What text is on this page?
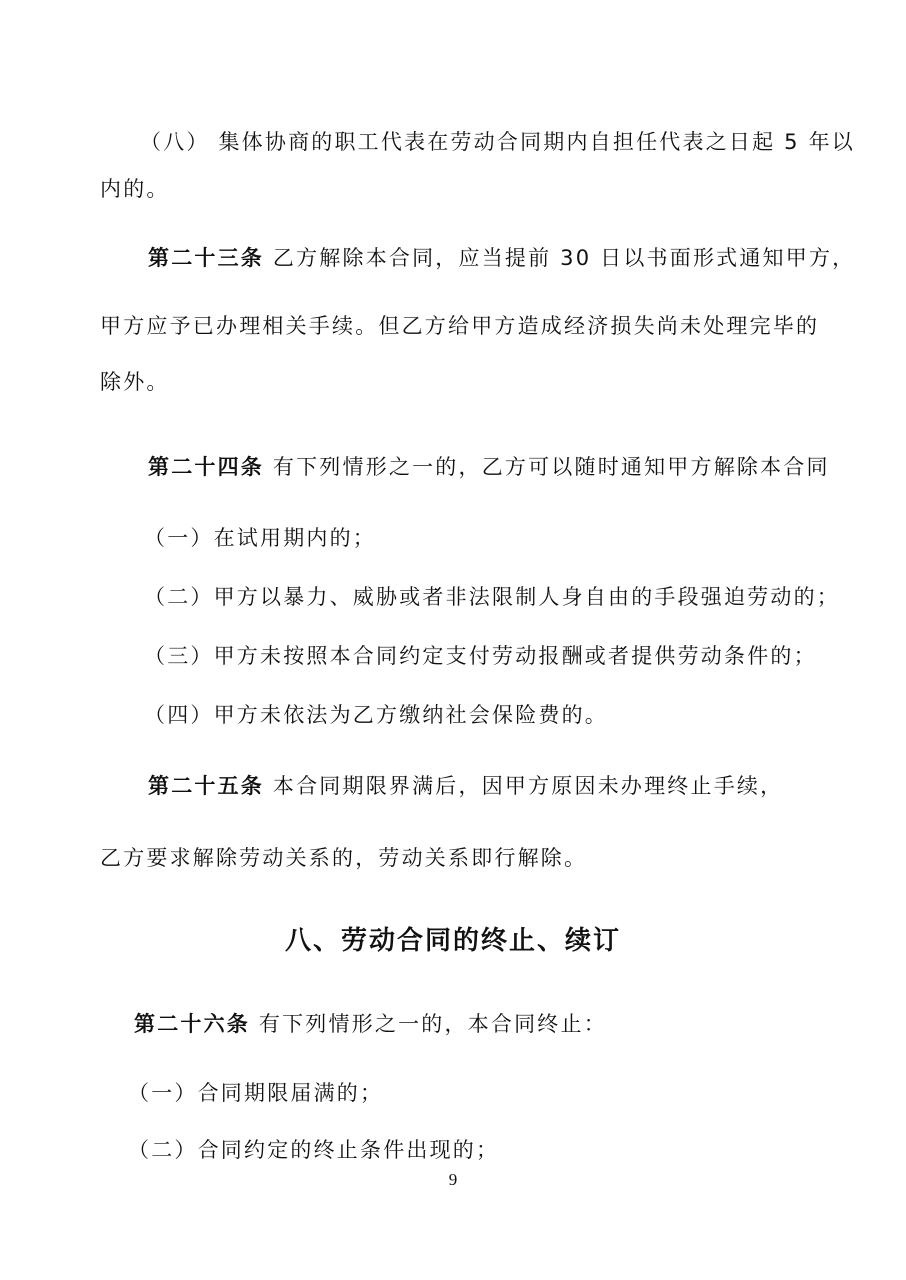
（八） 集体协商的职工代表在劳动合同期内自担任代表之日起 5 年以
内的。
第二十三条 乙方解除本合同，应当提前 30 日以书面形式通知甲方，
甲方应予已办理相关手续。但乙方给甲方造成经济损失尚未处理完毕的
除外。
第二十四条 有下列情形之一的，乙方可以随时通知甲方解除本合同
（一）在试用期内的；
（二）甲方以暴力、威胁或者非法限制人身自由的手段强迫劳动的；
（三）甲方未按照本合同约定支付劳动报酬或者提供劳动条件的；
（四）甲方未依法为乙方缴纳社会保险费的。
第二十五条 本合同期限界满后，因甲方原因未办理终止手续，
乙方要求解除劳动关系的，劳动关系即行解除。
八、劳动合同的终止、续订
第二十六条 有下列情形之一的，本合同终止：
（一）合同期限届满的；
（二）合同约定的终止条件出现的；
9
